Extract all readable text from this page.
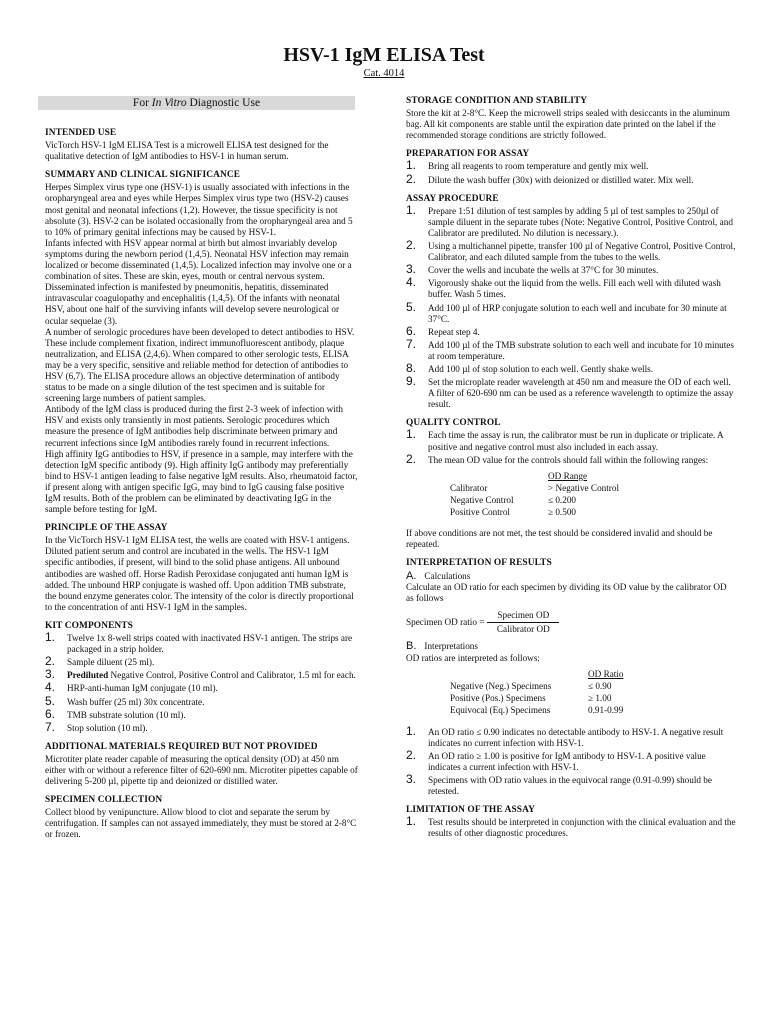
HSV-1 IgM ELISA Test
Cat. 4014
For In Vitro Diagnostic Use
INTENDED USE

VicTorch HSV-1 IgM ELISA Test is a microwell ELISA test designed for the qualitative detection of IgM antibodies to HSV-1 in human serum.

SUMMARY AND CLINICAL SIGNIFICANCE

Herpes Simplex virus type one (HSV-1) is usually associated with infections in the oropharyngeal area and eyes while Herpes Simplex virus type two (HSV-2) causes most genital and neonatal infections (1,2). However, the tissue specificity is not absolute (3). HSV-2 can be isolated occasionally from the oropharyngeal area and 5 to 10% of primary genital infections may be caused by HSV-1.

Infants infected with HSV appear normal at birth but almost invariably develop symptoms during the newborn period (1,4,5). Neonatal HSV infection may remain localized or become disseminated (1,4,5). Localized infection may involve one or a combination of sites. These are skin, eyes, mouth or central nervous system. Disseminated infection is manifested by pneumonitis, hepatitis, disseminated intravascular coagulopathy and encephalitis (1,4,5). Of the infants with neonatal HSV, about one half of the surviving infants will develop severe neurological or ocular sequelae (3).

A number of serologic procedures have been developed to detect antibodies to HSV. These include complement fixation, indirect immunofluorescent antibody, plaque neutralization, and ELISA (2,4,6). When compared to other serologic tests, ELISA may be a very specific, sensitive and reliable method for detection of antibodies to HSV (6,7). The ELISA procedure allows an objective determination of antibody status to be made on a single dilution of the test specimen and is suitable for screening large numbers of patient samples.

Antibody of the IgM class is produced during the first 2-3 week of infection with HSV and exists only transiently in most patients. Serologic procedures which measure the presence of IgM antibodies help discriminate between primary and recurrent infections since IgM antibodies rarely found in recurrent infections.

High affinity IgG antibodies to HSV, if presence in a sample, may interfere with the detection IgM specific antibody (9). High affinity IgG antibody may preferentially bind to HSV-1 antigen leading to false negative IgM results. Also, rheumatoid factor, if present along with antigen specific IgG, may bind to IgG causing false positive IgM results. Both of the problem can be eliminated by deactivating IgG in the sample before testing for IgM.

PRINCIPLE OF THE ASSAY

In the VicTorch HSV-1 IgM ELISA test, the wells are coated with HSV-1 antigens. Diluted patient serum and control are incubated in the wells. The HSV-1 IgM specific antibodies, if present, will bind to the solid phase antigens. All unbound antibodies are washed off. Horse Radish Peroxidase conjugated anti human IgM is added. The unbound HRP conjugate is washed off. Upon addition TMB substrate, the bound enzyme generates color. The intensity of the color is directly proportional to the concentration of anti HSV-1 IgM in the samples.

KIT COMPONENTS
1. Twelve 1x 8-well strips coated with inactivated HSV-1 antigen. The strips are packaged in a strip holder.
2. Sample diluent (25 ml).
3. Prediluted Negative Control, Positive Control and Calibrator, 1.5 ml for each.
4. HRP-anti-human IgM conjugate (10 ml).
5. Wash buffer (25 ml) 30x concentrate.
6. TMB substrate solution (10 ml).
7. Stop solution (10 ml).
ADDITIONAL MATERIALS REQUIRED BUT NOT PROVIDED

Microtiter plate reader capable of measuring the optical density (OD) at 450 nm either with or without a reference filter of 620-690 nm. Microtiter pipettes capable of delivering 5-200 µl, pipette tip and deionized or distilled water.

SPECIMEN COLLECTION

Collect blood by venipuncture. Allow blood to clot and separate the serum by centrifugation. If samples can not assayed immediately, they must be stored at 2-8°C or frozen.

STORAGE CONDITION AND STABILITY

Store the kit at 2-8°C. Keep the microwell strips sealed with desiccants in the aluminum bag. All kit components are stable until the expiration date printed on the label if the recommended storage conditions are strictly followed.

PREPARATION FOR ASSAY
1. Bring all reagents to room temperature and gently mix well.
2. Dilute the wash buffer (30x) with deionized or distilled water. Mix well.
ASSAY PROCEDURE
1. Prepare 1:51 dilution of test samples by adding 5 µl of test samples to 250µl of sample diluent in the separate tubes (Note: Negative Control, Positive Control, and Calibrator are prediluted. No dilution is necessary.).
2. Using a multichannel pipette, transfer 100 µl of Negative Control, Positive Control, Calibrator, and each diluted sample from the tubes to the wells.
3. Cover the wells and incubate the wells at 37°C for 30 minutes.
4. Vigorously shake out the liquid from the wells. Fill each well with diluted wash buffer. Wash 5 times.
5. Add 100 µl of HRP conjugate solution to each well and incubate for 30 minute at 37°C.
6. Repeat step 4.
7. Add 100 µl of the TMB substrate solution to each well and incubate for 10 minutes at room temperature.
8. Add 100 µl of stop solution to each well. Gently shake wells.
9. Set the microplate reader wavelength at 450 nm and measure the OD of each well. A filter of 620-690 nm can be used as a reference wavelength to optimize the assay result.
QUALITY CONTROL
1. Each time the assay is run, the calibrator must be run in duplicate or triplicate. A positive and negative control must also included in each assay.
2. The mean OD value for the controls should fall within the following ranges:
	OD Range
Calibrator	> Negative Control
Negative Control	≤ 0.200
Positive Control	≥ 0.500

If above conditions are not met, the test should be considered invalid and should be repeated.

INTERPRETATION OF RESULTS
A. Calculations

Calculate an OD ratio for each specimen by dividing its OD value by the calibrator OD as follows

Specimen OD ratio = $\frac{\text{Specimen OD}}{\text{Calibrator OD}}$
B. Interpretations

OD ratios are interpreted as follows:

	OD Ratio
Negative (Neg.) Specimens	≤ 0.90
Positive (Pos.) Specimens	≥ 1.00
Equivocal (Eq.) Specimens	0.91-0.99
1. An OD ratio ≤ 0.90 indicates no detectable antibody to HSV-1. A negative result indicates no current infection with HSV-1.
2. An OD ratio ≥ 1.00 is positive for IgM antibody to HSV-1. A positive value indicates a current infection with HSV-1.
3. Specimens with OD ratio values in the equivocal range (0.91-0.99) should be retested.
LIMITATION OF THE ASSAY
1. Test results should be interpreted in conjunction with the clinical evaluation and the results of other diagnostic procedures.
